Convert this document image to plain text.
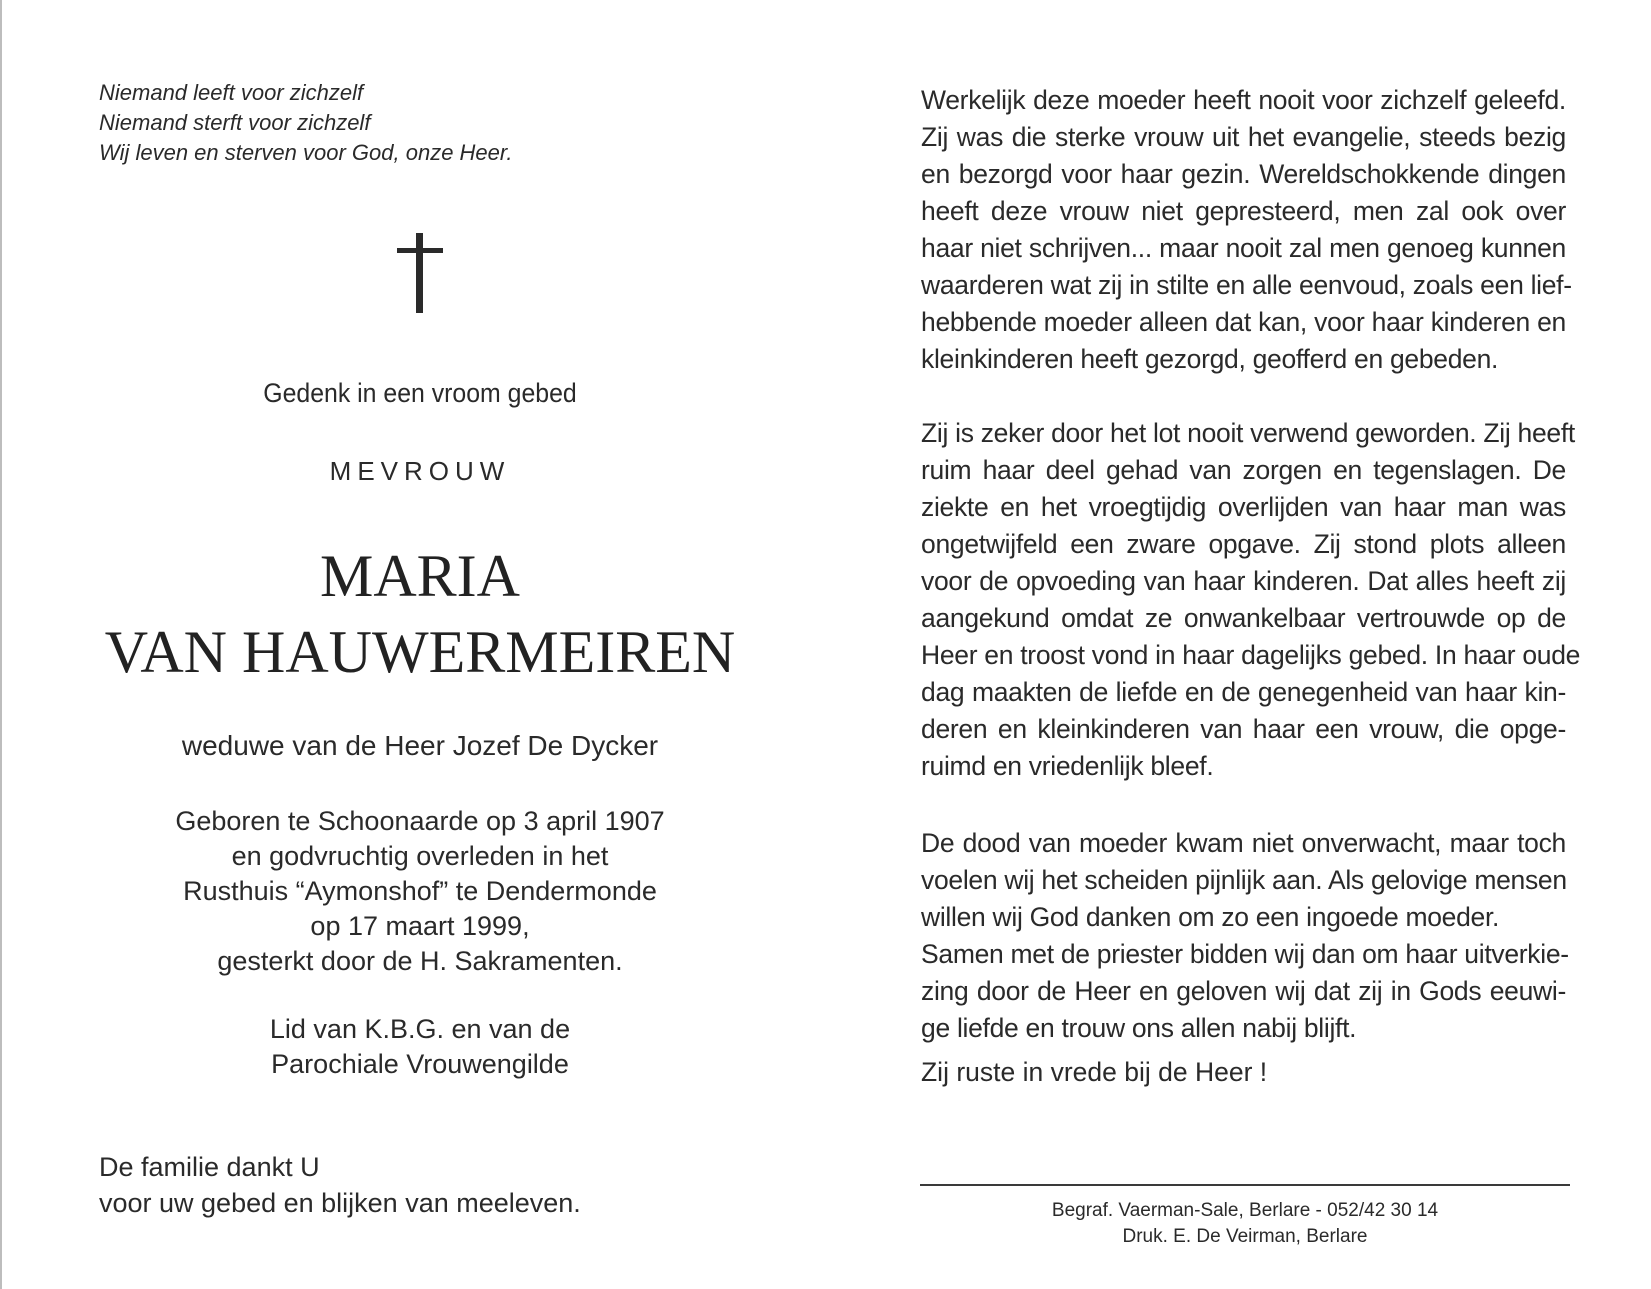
Niemand leeft voor zichzelf
Niemand sterft voor zichzelf
Wij leven en sterven voor God, onze Heer.
Gedenk in een vroom gebed
MEVROUW
MARIA
VAN HAUWERMEIREN
weduwe van de Heer Jozef De Dycker
Geboren te Schoonaarde op 3 april 1907
en godvruchtig overleden in het
Rusthuis “Aymonshof” te Dendermonde
op 17 maart 1999,
gesterkt door de H. Sakramenten.
Lid van K.B.G. en van de
Parochiale Vrouwengilde
De familie dankt U
voor uw gebed en blijken van meeleven.
Werkelijk deze moeder heeft nooit voor zichzelf geleefd.
Zij was die sterke vrouw uit het evangelie, steeds bezig
en bezorgd voor haar gezin. Wereldschokkende dingen
heeft deze vrouw niet gepresteerd, men zal ook over
haar niet schrijven... maar nooit zal men genoeg kunnen
waarderen wat zij in stilte en alle eenvoud, zoals een lief-
hebbende moeder alleen dat kan, voor haar kinderen en
kleinkinderen heeft gezorgd, geofferd en gebeden.
Zij is zeker door het lot nooit verwend geworden. Zij heeft
ruim haar deel gehad van zorgen en tegenslagen. De
ziekte en het vroegtijdig overlijden van haar man was
ongetwijfeld een zware opgave. Zij stond plots alleen
voor de opvoeding van haar kinderen. Dat alles heeft zij
aangekund omdat ze onwankelbaar vertrouwde op de
Heer en troost vond in haar dagelijks gebed. In haar oude
dag maakten de liefde en de genegenheid van haar kin-
deren en kleinkinderen van haar een vrouw, die opge-
ruimd en vriedenlijk bleef.
De dood van moeder kwam niet onverwacht, maar toch
voelen wij het scheiden pijnlijk aan. Als gelovige mensen
willen wij God danken om zo een ingoede moeder.
Samen met de priester bidden wij dan om haar uitverkie-
zing door de Heer en geloven wij dat zij in Gods eeuwi-
ge liefde en trouw ons allen nabij blijft.
Zij ruste in vrede bij de Heer !
Begraf. Vaerman-Sale, Berlare - 052/42 30 14
Druk. E. De Veirman, Berlare
